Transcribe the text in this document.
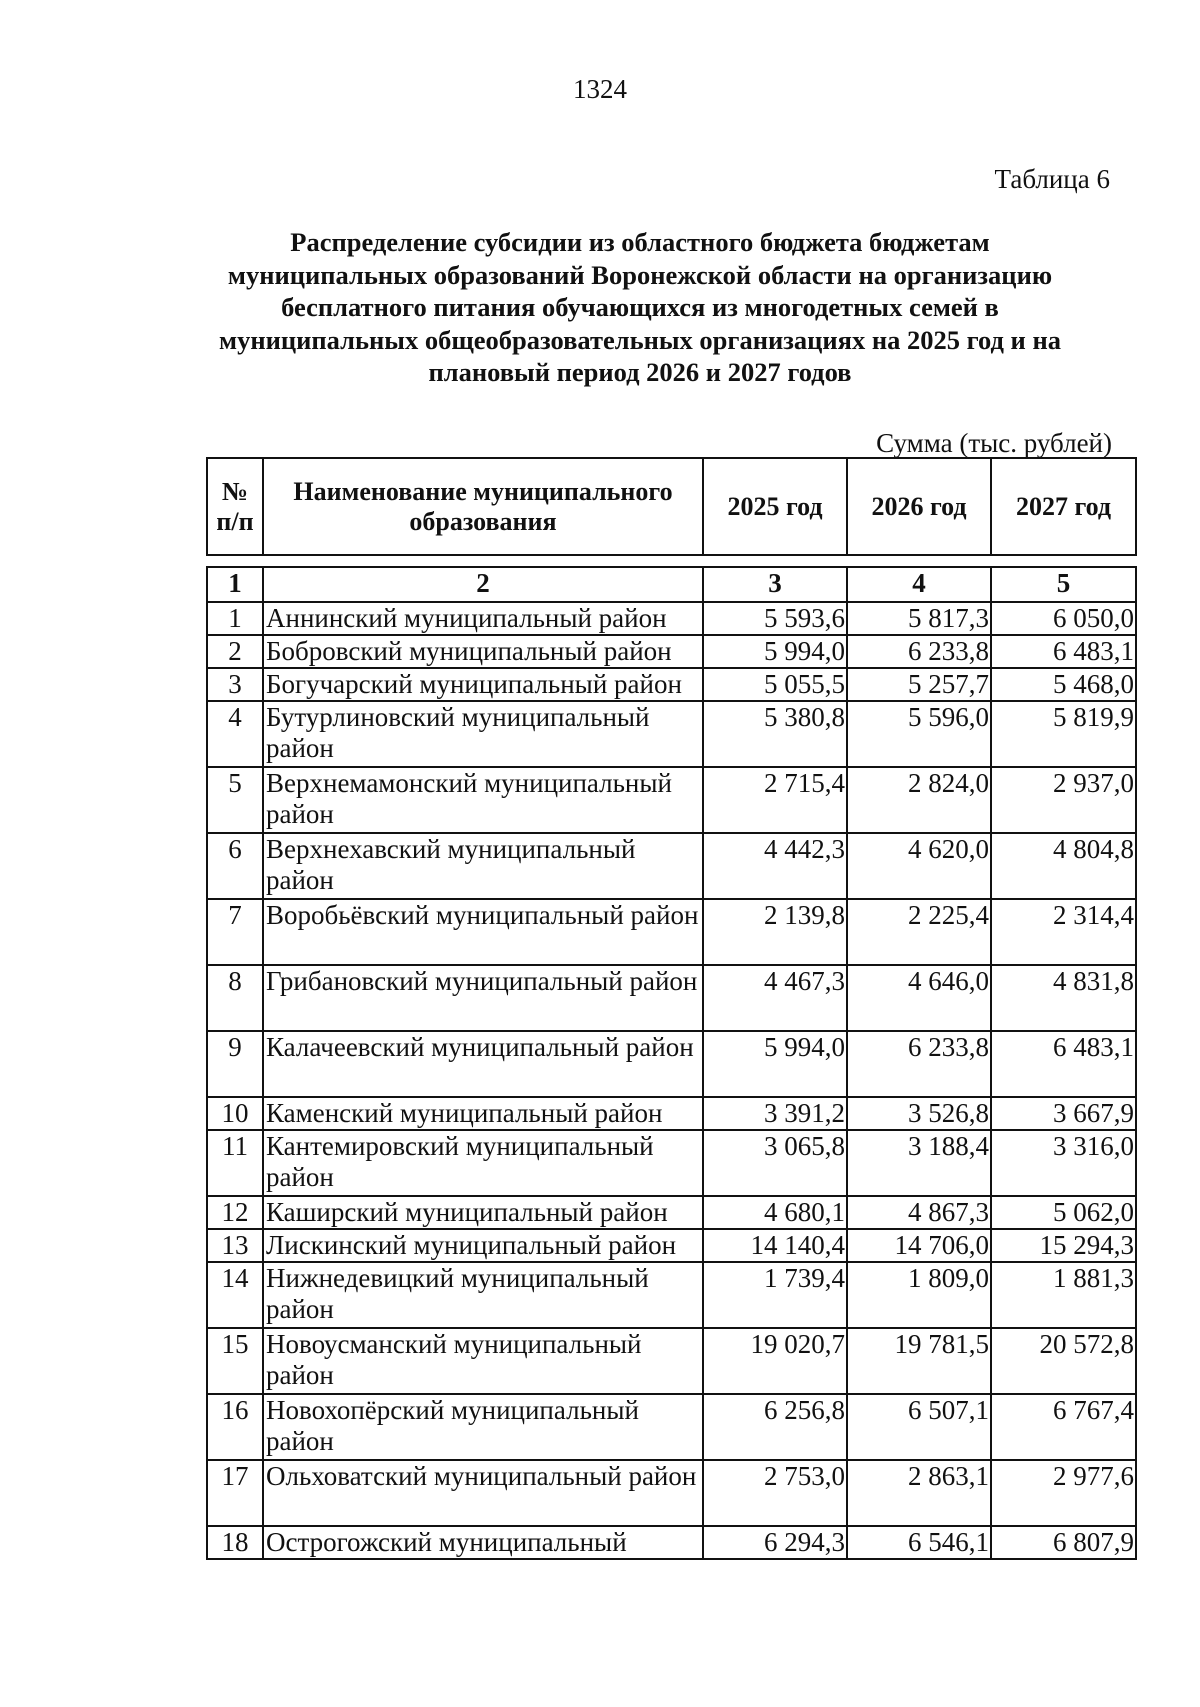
1324
Таблица 6
Распределение субсидии из областного бюджета бюджетам
муниципальных образований Воронежской области на организацию
бесплатного питания обучающихся из многодетных семей в
муниципальных общеобразовательных организациях на 2025 год и на
плановый период 2026 и 2027 годов
Сумма (тыс. рублей)
№ п/п	Наименование муниципального образования	2025 год	2026 год	2027 год
1	2	3	4	5
1	Аннинский муниципальный район	5 593,6	5 817,3	6 050,0
2	Бобровский муниципальный район	5 994,0	6 233,8	6 483,1
3	Богучарский муниципальный район	5 055,5	5 257,7	5 468,0
4	Бутурлиновский муниципальный район	5 380,8	5 596,0	5 819,9
5	Верхнемамонский муниципальный район	2 715,4	2 824,0	2 937,0
6	Верхнехавский муниципальный район	4 442,3	4 620,0	4 804,8
7	Воробьёвский муниципальный район	2 139,8	2 225,4	2 314,4
8	Грибановский муниципальный район	4 467,3	4 646,0	4 831,8
9	Калачеевский муниципальный район	5 994,0	6 233,8	6 483,1
10	Каменский муниципальный район	3 391,2	3 526,8	3 667,9
11	Кантемировский муниципальный район	3 065,8	3 188,4	3 316,0
12	Каширский муниципальный район	4 680,1	4 867,3	5 062,0
13	Лискинский муниципальный район	14 140,4	14 706,0	15 294,3
14	Нижнедевицкий муниципальный район	1 739,4	1 809,0	1 881,3
15	Новоусманский муниципальный район	19 020,7	19 781,5	20 572,8
16	Новохопёрский муниципальный район	6 256,8	6 507,1	6 767,4
17	Ольховатский муниципальный район	2 753,0	2 863,1	2 977,6
18	Острогожский муниципальный	6 294,3	6 546,1	6 807,9
